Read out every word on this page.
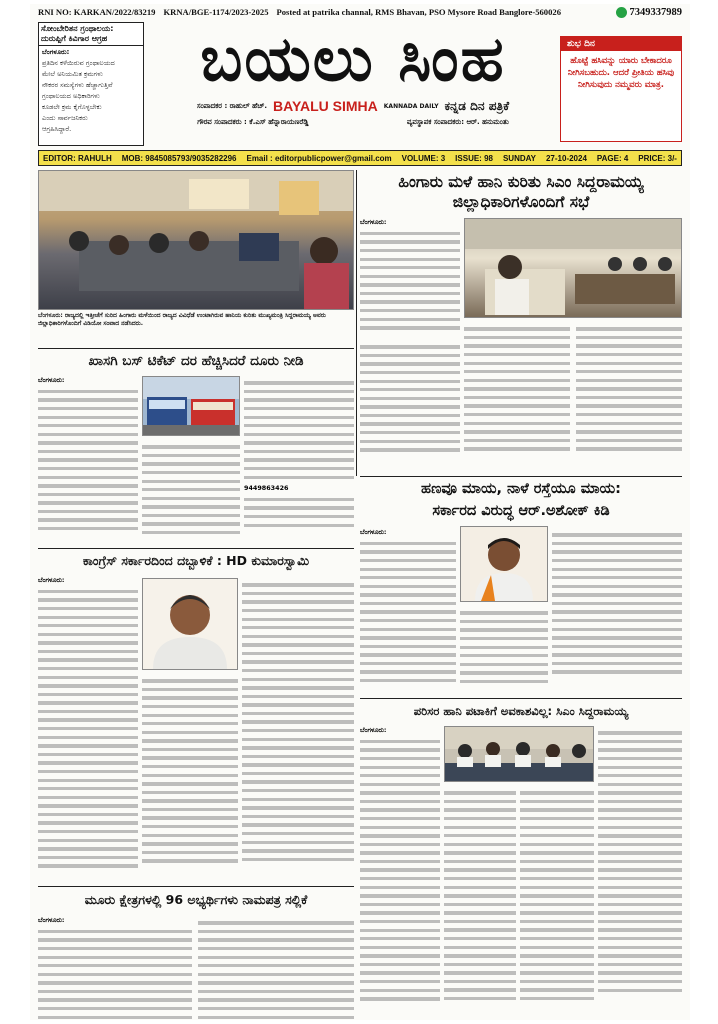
RNI NO: KARKAN/2022/83219 KRNA/BGE-1174/2023-2025 Posted at patrika channal, RMS Bhavan, PSO Mysore Road Banglore-560026	7349337989
ಸೋಂಬೇರಿತನ ಗ್ರಂಥಾಲಯ: ದುರುಪ್ಪಿಗೆ ಕಿವಿಗಾರ ಆಗ್ರಹ
ಬೆಂಗಳೂರು:
ಪ್ರತಿದಿನ ಕಳೆಯಿರುವ ಗ್ರಂಥಾಲಯದ
ಮೇಲೆ ಅನಿಯಮಿತ ಕ್ರಮಗಳು
ನೌಕರರ ಸಮಸ್ಯೆಗಳು ಹೆಚ್ಚಾಗುತ್ತಿವೆ
ಗ್ರಂಥಾಲಯದ ಅಧಿಕಾರಿಗಳು
ಕೂಡಲೇ ಕ್ರಮ ಕೈಗೊಳ್ಳಬೇಕು
ಎಂದು ಸಾರ್ವಜನಿಕರು
ಆಗ್ರಹಿಸಿದ್ದಾರೆ.
ಬಯಲು ಸಿಂಹ
ಸಂಪಾದಕರ : ರಾಹುಲ್ ಹೆಚ್. BAYALU SIMHA KANNADA DAILY ಕನ್ನಡ ದಿನ ಪತ್ರಿಕೆ
ಗೌರವ ಸಂಪಾದಕರು : ಕೆ.ಎಸ್ ಹೆನ್ನಾರಾಯಣರೆಡ್ಡಿ	ವ್ಯವಸ್ಥಾಪಕ ಸಂಪಾದಕರು: ಆರ್. ಹನುಮಂತು
ಶುಭ ದಿನ
ಹೊಟ್ಟೆ ಹಸಿವನ್ನು ಯಾರು ಬೇಕಾದರೂ ನೀಗಿಸಬಹುದು. ಆದರೆ ಪ್ರೀತಿಯ ಹಸಿವು ನೀಗಿಸುವುದು ನಮ್ಮವರು ಮಾತ್ರ.
EDITOR: RAHULH MOB: 9845085793/9035282296 Email : editorpublicpower@gmail.com VOLUME: 3 ISSUE: 98 SUNDAY 27-10-2024 PAGE: 4 PRICE: 3/-
ಬೆಂಗಳೂರು: ರಾಜ್ಯದಲ್ಲಿ ಇತ್ತೀಚೆಗೆ ಸುರಿದ ಹಿಂಗಾರು ಮಳೆಯಿಂದ ರಾಜ್ಯದ ವಿವಿಧೆಡೆ ಉಂಟಾಗಿರುವ ಹಾನಿಯ ಕುರಿತು ಮುಖ್ಯಮಂತ್ರಿ ಸಿದ್ದರಾಮಯ್ಯ ಅವರು ಜಿಲ್ಲಾಧಿಕಾರಿಗಳೊಂದಿಗೆ ವಿಡಿಯೋ ಸಂವಾದ ನಡೆಸಿದರು.
ಹಿಂಗಾರು ಮಳೆ ಹಾನಿ ಕುರಿತು ಸಿಎಂ ಸಿದ್ದರಾಮಯ್ಯ ಜಿಲ್ಲಾಧಿಕಾರಿಗಳೊಂದಿಗೆ ಸಭೆ
ಬೆಂಗಳೂರು:
ಖಾಸಗಿ ಬಸ್ ಟಿಕೆಟ್ ದರ ಹೆಚ್ಚಿಸಿದರೆ ದೂರು ನೀಡಿ
ಬೆಂಗಳೂರು:
9449863426	ಹಣವೂ ಮಾಯ, ನಾಳೆ ರಸ್ತೆಯೂ ಮಾಯ:
ಸರ್ಕಾರದ ವಿರುದ್ಧ ಆರ್.ಅಶೋಕ್ ಕಿಡಿ
ಬೆಂಗಳೂರು:
ಕಾಂಗ್ರೆಸ್ ಸರ್ಕಾರದಿಂದ ದಬ್ಬಾಳಿಕೆ : HD ಕುಮಾರಸ್ವಾಮಿ
ಬೆಂಗಳೂರು:
ಪರಿಸರ ಹಾನಿ ಪಟಾಕಿಗೆ ಅವಕಾಶವಿಲ್ಲ: ಸಿಎಂ ಸಿದ್ದರಾಮಯ್ಯ
ಬೆಂಗಳೂರು:
ಮೂರು ಕ್ಷೇತ್ರಗಳಲ್ಲಿ 96 ಅಭ್ಯರ್ಥಿಗಳು ನಾಮಪತ್ರ ಸಲ್ಲಿಕೆ
ಬೆಂಗಳೂರು:
